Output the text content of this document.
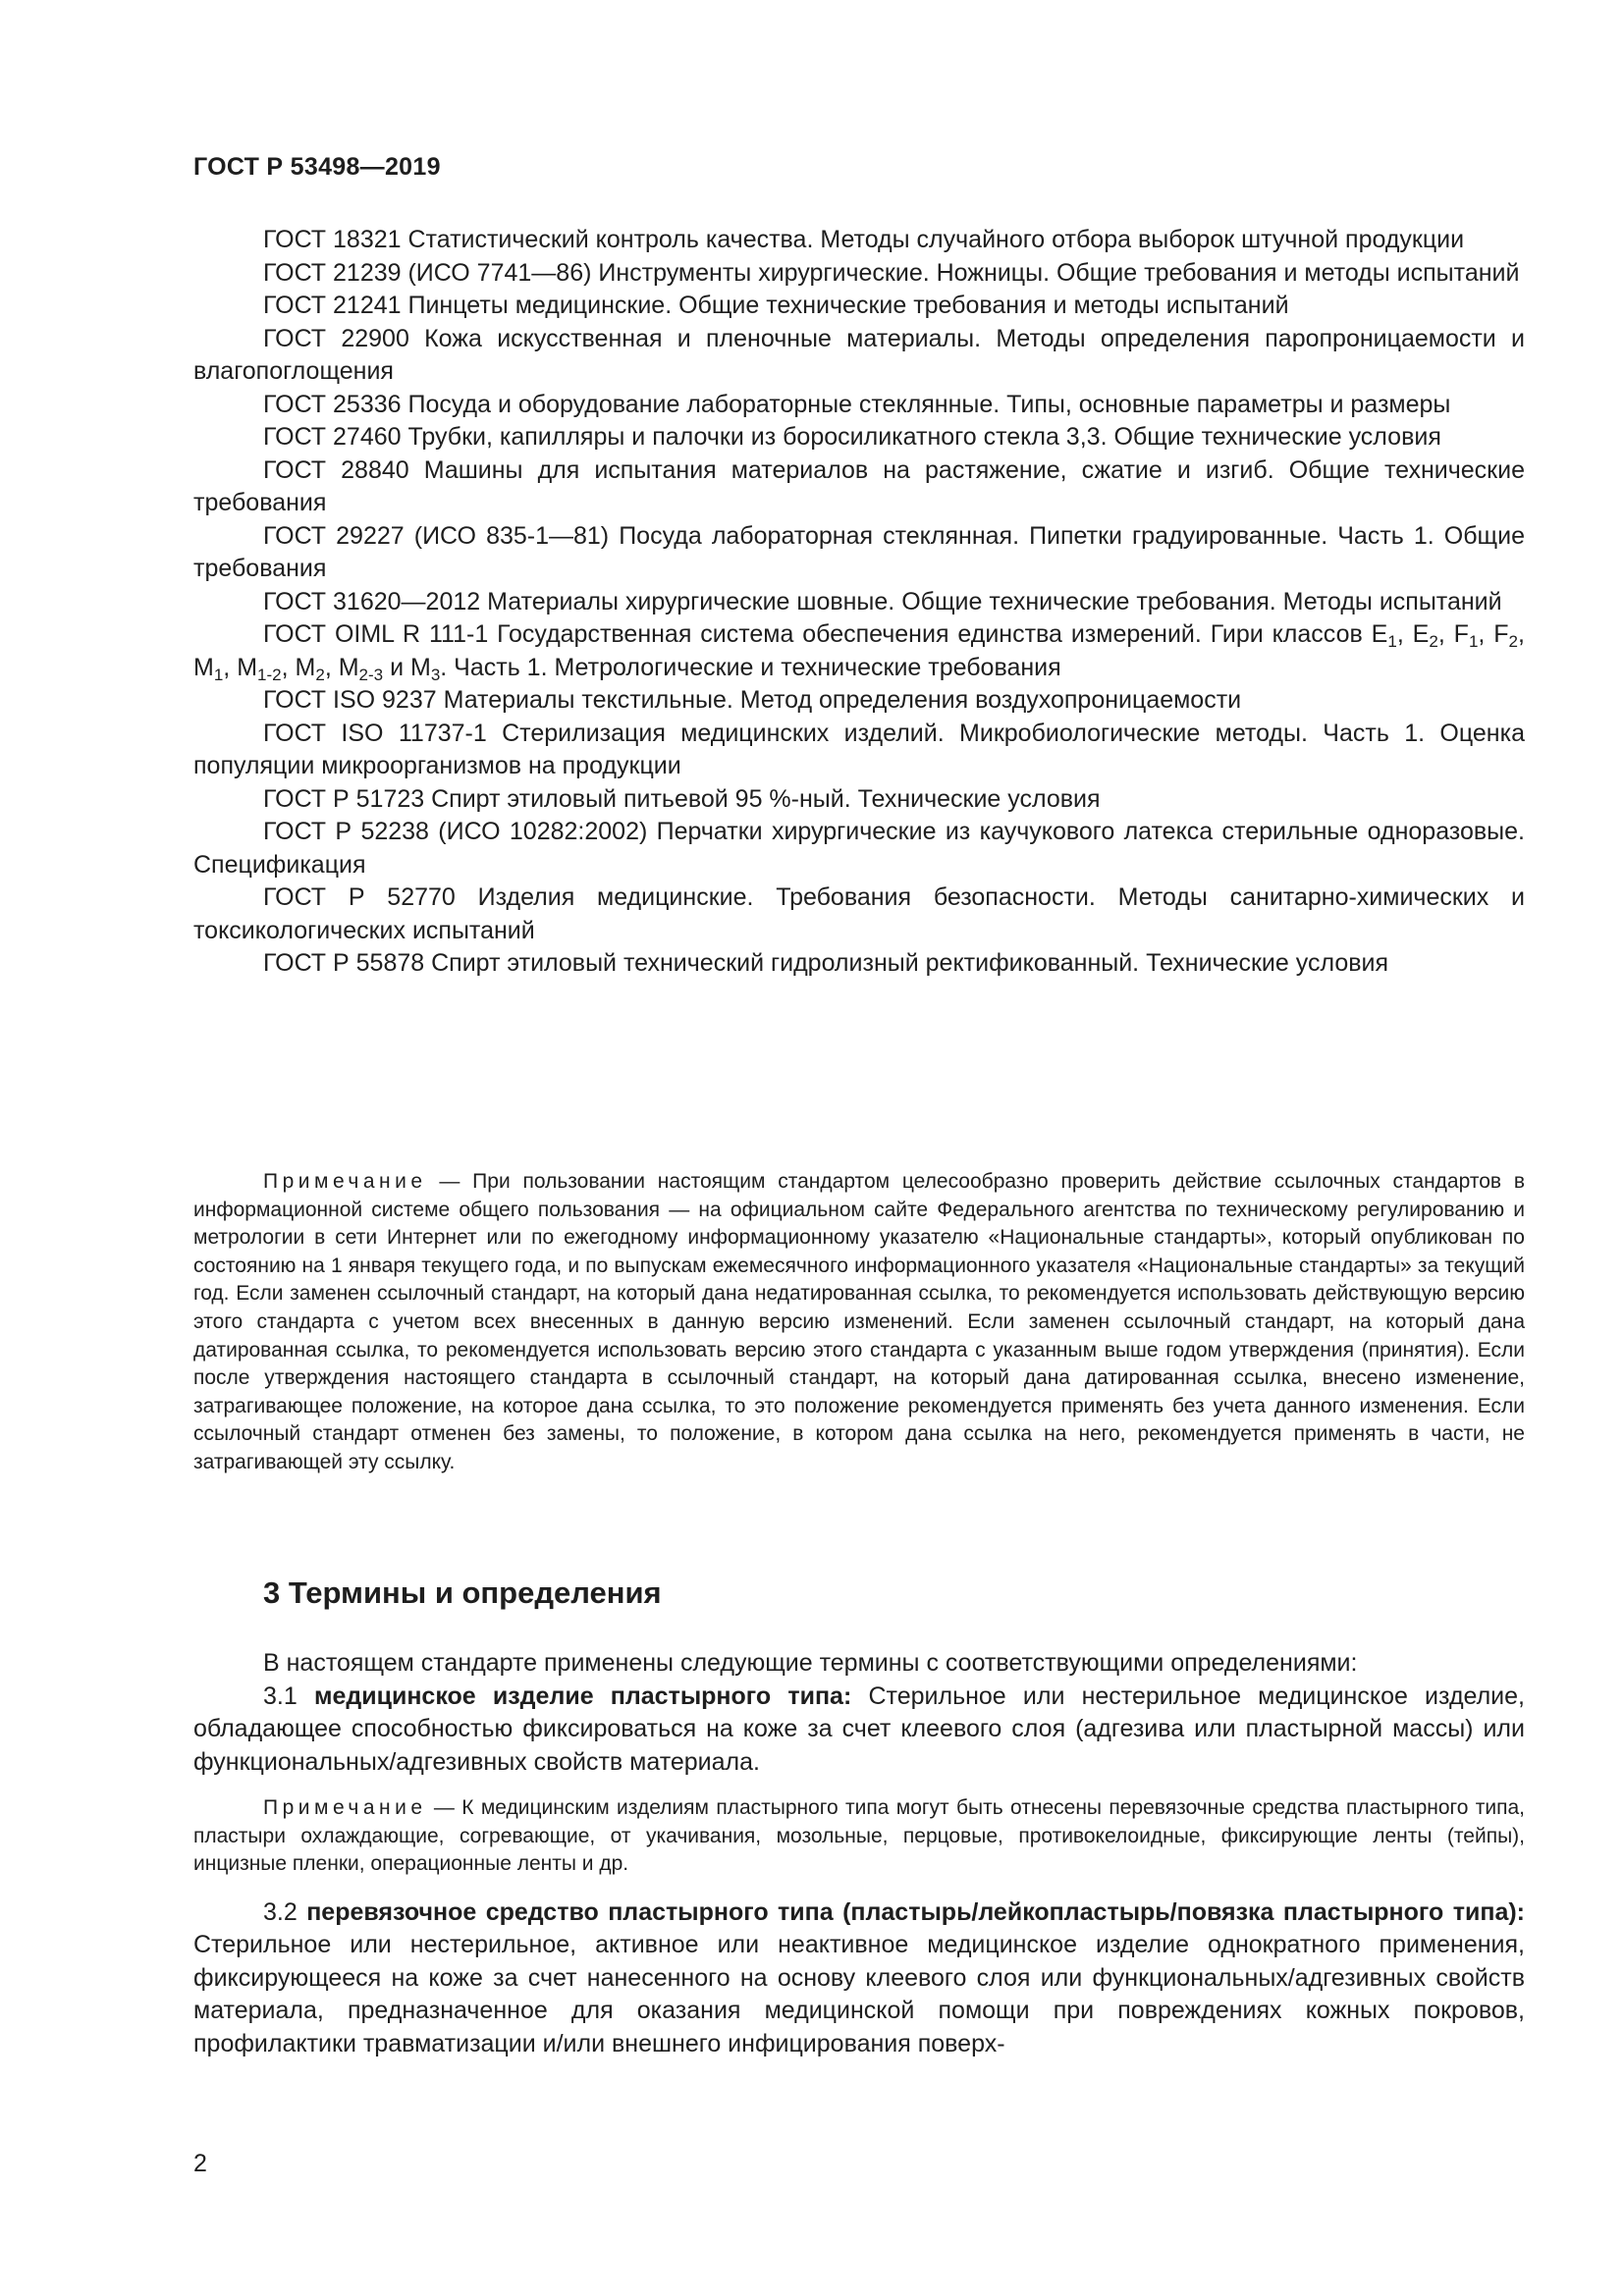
ГОСТ Р 53498—2019

ГОСТ 18321 Статистический контроль качества. Методы случайного отбора выборок штучной продукции

ГОСТ 21239 (ИСО 7741—86) Инструменты хирургические. Ножницы. Общие требования и методы испытаний

ГОСТ 21241 Пинцеты медицинские. Общие технические требования и методы испытаний

ГОСТ 22900 Кожа искусственная и пленочные материалы. Методы определения паропроницаемости и влагопоглощения

ГОСТ 25336 Посуда и оборудование лабораторные стеклянные. Типы, основные параметры и размеры

ГОСТ 27460 Трубки, капилляры и палочки из боросиликатного стекла 3,3. Общие технические условия

ГОСТ 28840 Машины для испытания материалов на растяжение, сжатие и изгиб. Общие технические требования

ГОСТ 29227 (ИСО 835-1—81) Посуда лабораторная стеклянная. Пипетки градуированные. Часть 1. Общие требования

ГОСТ 31620—2012 Материалы хирургические шовные. Общие технические требования. Методы испытаний

ГОСТ OIML R 111-1 Государственная система обеспечения единства измерений. Гири классов $E_1$, $E_2$, $F_1$, $F_2$, $M_1$, $M_{1-2}$, $M_2$, $M_{2-3}$ и $M_3$. Часть 1. Метрологические и технические требования

ГОСТ ISO 9237 Материалы текстильные. Метод определения воздухопроницаемости

ГОСТ ISO 11737-1 Стерилизация медицинских изделий. Микробиологические методы. Часть 1. Оценка популяции микроорганизмов на продукции

ГОСТ Р 51723 Спирт этиловый питьевой 95 %-ный. Технические условия

ГОСТ Р 52238 (ИСО 10282:2002) Перчатки хирургические из каучукового латекса стерильные одноразовые. Спецификация

ГОСТ Р 52770 Изделия медицинские. Требования безопасности. Методы санитарно-химических и токсикологических испытаний

ГОСТ Р 55878 Спирт этиловый технический гидролизный ректификованный. Технические условия

Примечание — При пользовании настоящим стандартом целесообразно проверить действие ссылочных стандартов в информационной системе общего пользования — на официальном сайте Федерального агентства по техническому регулированию и метрологии в сети Интернет или по ежегодному информационному указателю «Национальные стандарты», который опубликован по состоянию на 1 января текущего года, и по выпускам ежемесячного информационного указателя «Национальные стандарты» за текущий год. Если заменен ссылочный стандарт, на который дана недатированная ссылка, то рекомендуется использовать действующую версию этого стандарта с учетом всех внесенных в данную версию изменений. Если заменен ссылочный стандарт, на который дана датированная ссылка, то рекомендуется использовать версию этого стандарта с указанным выше годом утверждения (принятия). Если после утверждения настоящего стандарта в ссылочный стандарт, на который дана датированная ссылка, внесено изменение, затрагивающее положение, на которое дана ссылка, то это положение рекомендуется применять без учета данного изменения. Если ссылочный стандарт отменен без замены, то положение, в котором дана ссылка на него, рекомендуется применять в части, не затрагивающей эту ссылку.

3 Термины и определения

В настоящем стандарте применены следующие термины с соответствующими определениями:

3.1 медицинское изделие пластырного типа: Стерильное или нестерильное медицинское изделие, обладающее способностью фиксироваться на коже за счет клеевого слоя (адгезива или пластырной массы) или функциональных/адгезивных свойств материала.

Примечание — К медицинским изделиям пластырного типа могут быть отнесены перевязочные средства пластырного типа, пластыри охлаждающие, согревающие, от укачивания, мозольные, перцовые, противокелоидные, фиксирующие ленты (тейпы), инцизные пленки, операционные ленты и др.

3.2 перевязочное средство пластырного типа (пластырь/лейкопластырь/повязка пластырного типа): Стерильное или нестерильное, активное или неактивное медицинское изделие однократного применения, фиксирующееся на коже за счет нанесенного на основу клеевого слоя или функциональных/адгезивных свойств материала, предназначенное для оказания медицинской помощи при повреждениях кожных покровов, профилактики травматизации и/или внешнего инфицирования поверх-

2
